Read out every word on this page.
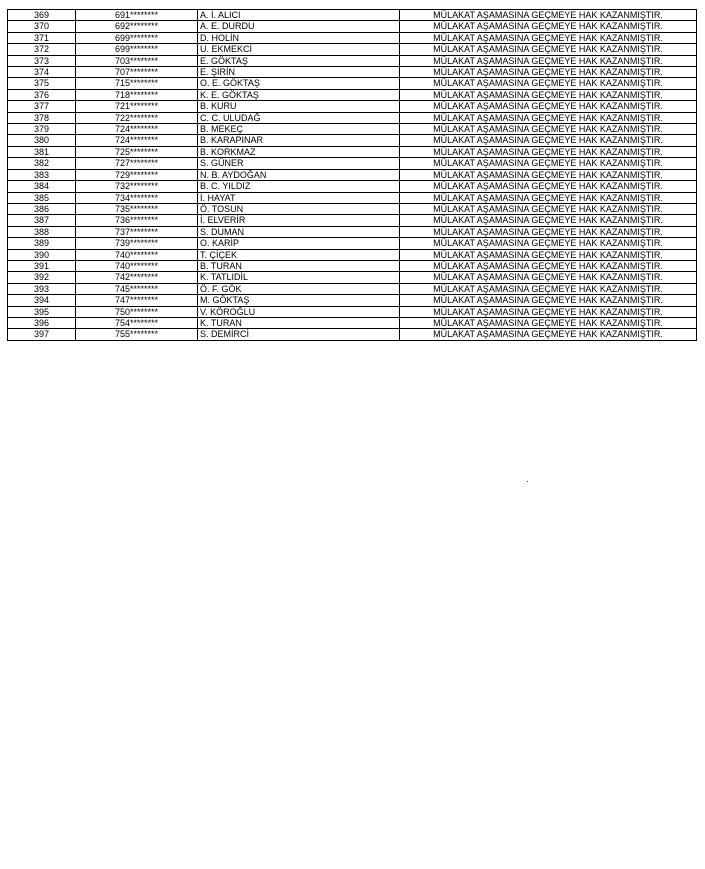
369	691********	A. İ. ALICI	MÜLAKAT AŞAMASINA GEÇMEYE HAK KAZANMIŞTIR.
370	692********	A. E. DURDU	MÜLAKAT AŞAMASINA GEÇMEYE HAK KAZANMIŞTIR.
371	699********	D. HOLİN	MÜLAKAT AŞAMASINA GEÇMEYE HAK KAZANMIŞTIR.
372	699********	U. EKMEKCİ	MÜLAKAT AŞAMASINA GEÇMEYE HAK KAZANMIŞTIR.
373	703********	E. GÖKTAŞ	MÜLAKAT AŞAMASINA GEÇMEYE HAK KAZANMIŞTIR.
374	707********	E. ŞİRİN	MÜLAKAT AŞAMASINA GEÇMEYE HAK KAZANMIŞTIR.
375	715********	O. E. GÖKTAŞ	MÜLAKAT AŞAMASINA GEÇMEYE HAK KAZANMIŞTIR.
376	718********	K. E. GÖKTAŞ	MÜLAKAT AŞAMASINA GEÇMEYE HAK KAZANMIŞTIR.
377	721********	B. KURU	MÜLAKAT AŞAMASINA GEÇMEYE HAK KAZANMIŞTIR.
378	722********	C. C. ULUDAĞ	MÜLAKAT AŞAMASINA GEÇMEYE HAK KAZANMIŞTIR.
379	724********	B. MEKEÇ	MÜLAKAT AŞAMASINA GEÇMEYE HAK KAZANMIŞTIR.
380	724********	B. KARAPINAR	MÜLAKAT AŞAMASINA GEÇMEYE HAK KAZANMIŞTIR.
381	725********	B. KORKMAZ	MÜLAKAT AŞAMASINA GEÇMEYE HAK KAZANMIŞTIR.
382	727********	S. GÜNER	MÜLAKAT AŞAMASINA GEÇMEYE HAK KAZANMIŞTIR.
383	729********	N. B. AYDOĞAN	MÜLAKAT AŞAMASINA GEÇMEYE HAK KAZANMIŞTIR.
384	732********	B. C. YILDIZ	MÜLAKAT AŞAMASINA GEÇMEYE HAK KAZANMIŞTIR.
385	734********	İ. HAYAT	MÜLAKAT AŞAMASINA GEÇMEYE HAK KAZANMIŞTIR.
386	735********	Ö. TOSUN	MÜLAKAT AŞAMASINA GEÇMEYE HAK KAZANMIŞTIR.
387	736********	İ. ELVERİR	MÜLAKAT AŞAMASINA GEÇMEYE HAK KAZANMIŞTIR.
388	737********	S. DUMAN	MÜLAKAT AŞAMASINA GEÇMEYE HAK KAZANMIŞTIR.
389	739********	O. KARİP	MÜLAKAT AŞAMASINA GEÇMEYE HAK KAZANMIŞTIR.
390	740********	T. ÇİÇEK	MÜLAKAT AŞAMASINA GEÇMEYE HAK KAZANMIŞTIR.
391	740********	B. TURAN	MÜLAKAT AŞAMASINA GEÇMEYE HAK KAZANMIŞTIR.
392	742********	K. TATLIDİL	MÜLAKAT AŞAMASINA GEÇMEYE HAK KAZANMIŞTIR.
393	745********	Ö. F. GÖK	MÜLAKAT AŞAMASINA GEÇMEYE HAK KAZANMIŞTIR.
394	747********	M. GÖKTAŞ	MÜLAKAT AŞAMASINA GEÇMEYE HAK KAZANMIŞTIR.
395	750********	V. KÖROĞLU	MÜLAKAT AŞAMASINA GEÇMEYE HAK KAZANMIŞTIR.
396	754********	K. TURAN	MÜLAKAT AŞAMASINA GEÇMEYE HAK KAZANMIŞTIR.
397	755********	S. DEMİRCİ	MÜLAKAT AŞAMASINA GEÇMEYE HAK KAZANMIŞTIR.
